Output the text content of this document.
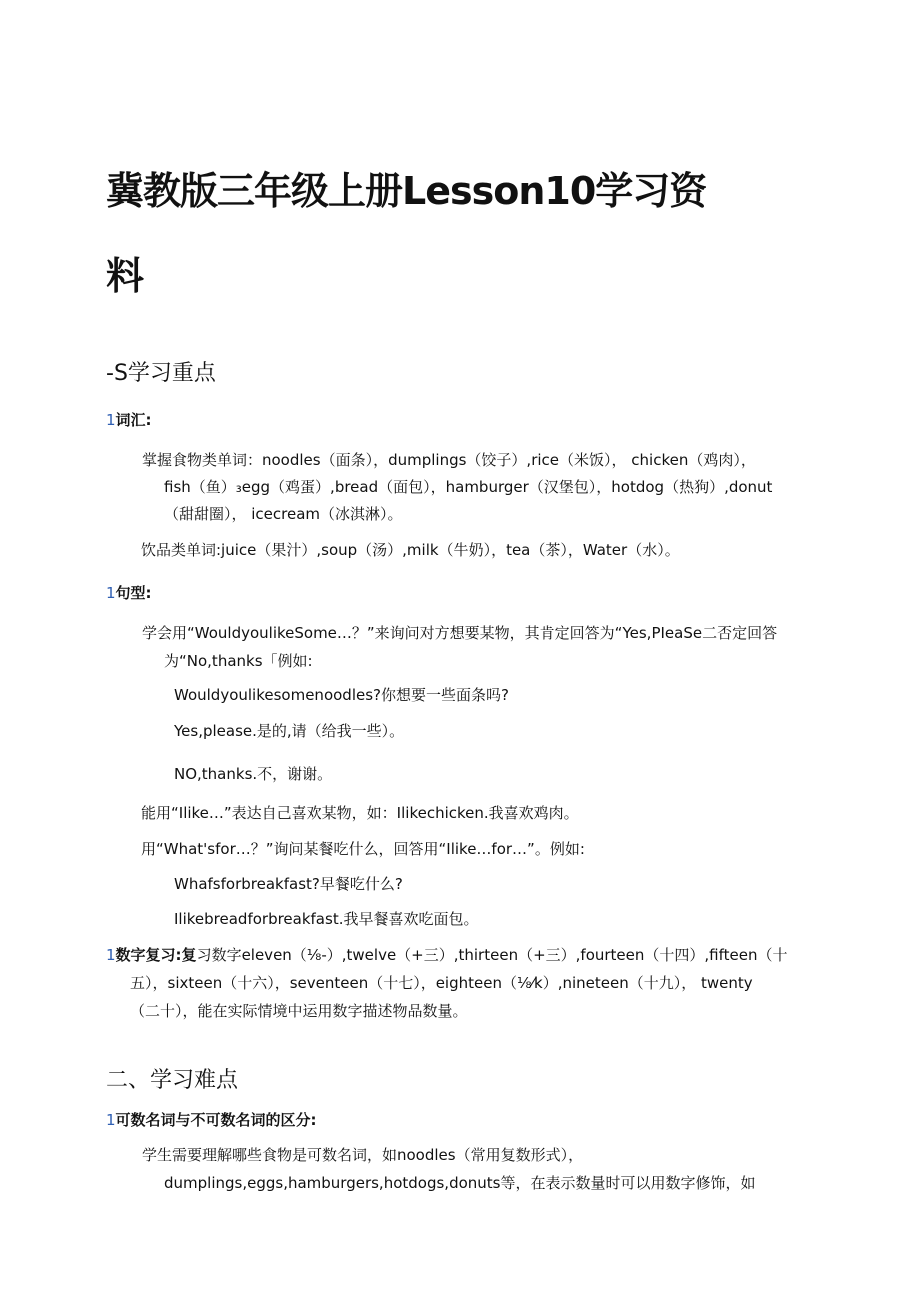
冀教版三年级上册Lesson10学习资
料
-S学习重点
1词汇:
掌握食物类单词：noodles（面条），dumplings（饺子）,rice（米饭）， chicken（鸡肉），
fish（鱼）₃egg（鸡蛋）,bread（面包），hamburger（汉堡包），hotdog（热狗）,donut
（甜甜圈）， icecream（冰淇淋）。
饮品类单词:juice（果汁）,soup（汤）,milk（牛奶），tea（茶），Water（水）。
1句型:
学会用“WouldyoulikeSome…？”来询问对方想要某物，其肯定回答为“Yes,PIeaSe二否定回答
为“No,thanks「例如:
Wouldyoulikesomenoodles?你想要一些面条吗?
Yes,please.是的,请（给我一些）。
NO,thanks.不，谢谢。
能用“Ilike…”表达自己喜欢某物，如：Ilikechicken.我喜欢鸡肉。
用“What'sfor…？”询问某餐吃什么，回答用“Ilike…for…”。例如:
Whafsforbreakfast?早餐吃什么?
Ilikebreadforbreakfast.我早餐喜欢吃面包。
1数字复习:复习数字eleven（⅛-）,twelve（+三）,thirteen（+三）,fourteen（十四）,fifteen（十
五），sixteen（十六），seventeen（十七），eighteen（⅛⁄k）,nineteen（十九）， twenty
（二十），能在实际情境中运用数字描述物品数量。
二、学习难点
1可数名词与不可数名词的区分:
学生需要理解哪些食物是可数名词，如noodles（常用复数形式），
dumplings,eggs,hamburgers,hotdogs,donuts等，在表示数量时可以用数字修饰，如
